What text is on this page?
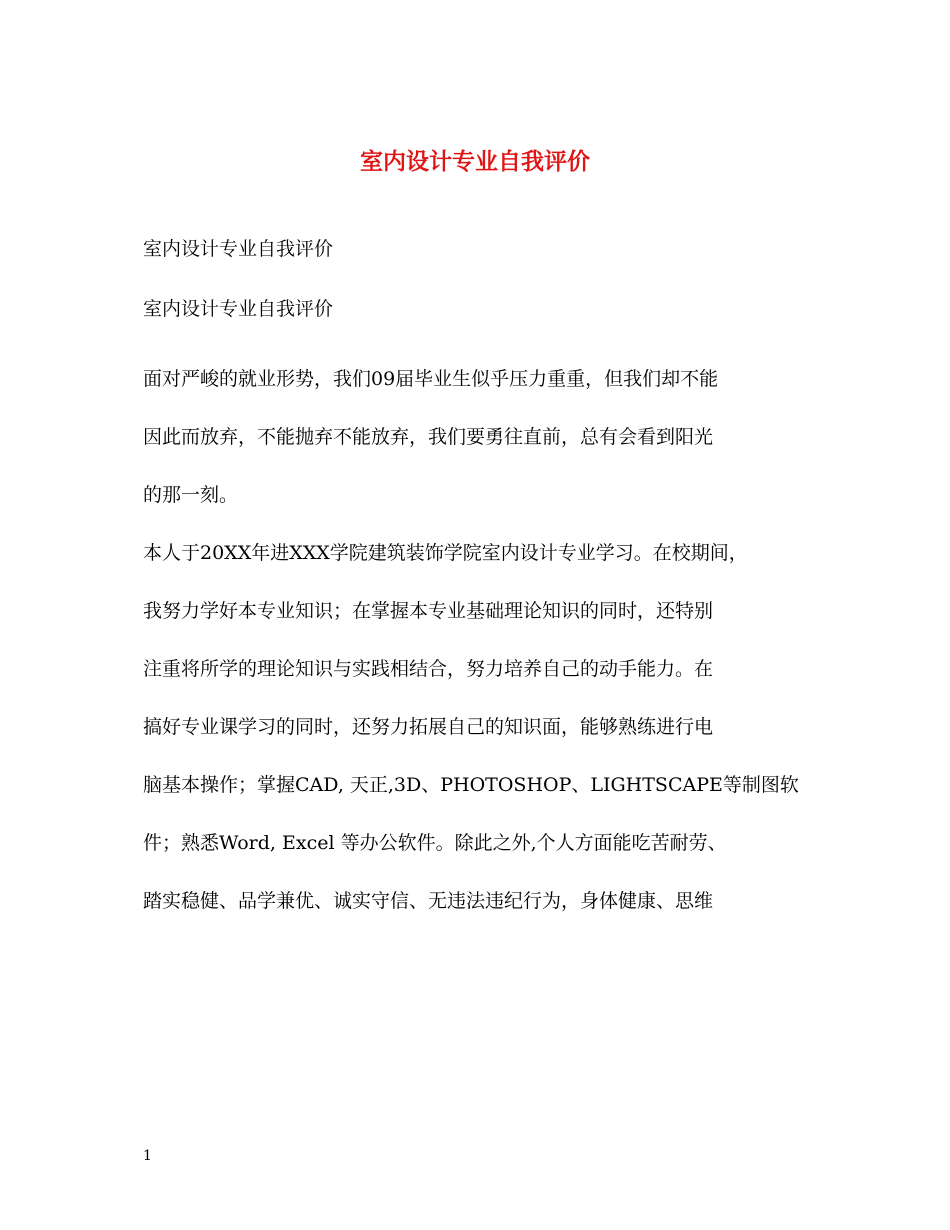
室内设计专业自我评价

室内设计专业自我评价

室内设计专业自我评价

面对严峻的就业形势，我们09届毕业生似乎压力重重，但我们却不能

因此而放弃，不能抛弃不能放弃，我们要勇往直前，总有会看到阳光

的那一刻。

本人于20XX年进XXX学院建筑装饰学院室内设计专业学习。在校期间，

我努力学好本专业知识；在掌握本专业基础理论知识的同时，还特别

注重将所学的理论知识与实践相结合，努力培养自己的动手能力。在

搞好专业课学习的同时，还努力拓展自己的知识面，能够熟练进行电

脑基本操作；掌握CAD, 天正,3D、PHOTOSHOP、LIGHTSCAPE等制图软

件；熟悉Word, Excel 等办公软件。除此之外,个人方面能吃苦耐劳、

踏实稳健、品学兼优、诚实守信、无违法违纪行为，身体健康、思维

1
